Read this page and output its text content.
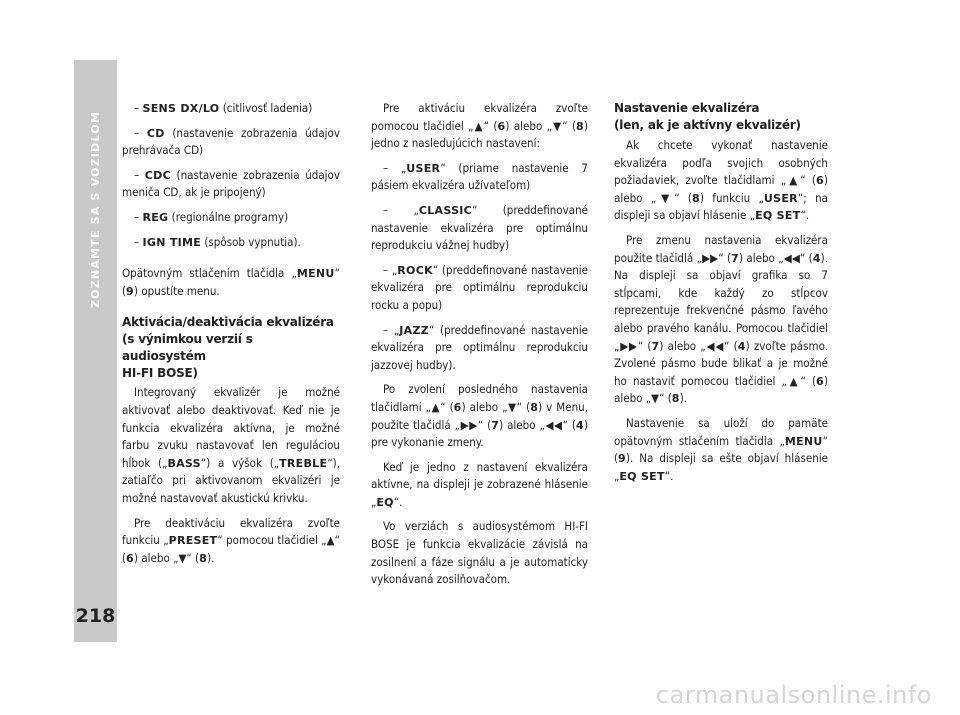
ZOZNÁMTE SA S VOZIDLOM
218

– SENS DX/LO (citlivosť ladenia)

– CD (nastavenie zobrazenia údajov prehrávača CD)

– CDC (nastavenie zobrazenia údajov meniča CD, ak je pripojený)

– REG (regionálne programy)

– IGN TIME (spôsob vypnutia).

Opätovným stlačením tlačidla „MENU“ (9) opustíte menu.

Aktivácia/deaktivácia ekvalizéra
(s výnimkou verzií s audiosystém
HI-FI BOSE)

Integrovaný ekvalizér je možné aktivovať alebo deaktivovať. Keď nie je funkcia ekvalizéra aktívna, je možné farbu zvuku nastavovať len reguláciou hĺbok („BASS“) a výšok („TREBLE“), zatiaľčo pri aktivovanom ekvalizéri je možné nastavovať akustickú krivku.

Pre deaktiváciu ekvalizéra zvoľte funkciu „PRESET“ pomocou tlačidiel „▲“ (6) alebo „▼“ (8).

Pre aktiváciu ekvalizéra zvoľte pomocou tlačidiel „▲“ (6) alebo „▼“ (8) jedno z nasledujúcich nastavení:

– „USER“ (priame nastavenie 7 pásiem ekvalizéra užívateľom)

– „CLASSIC“ (preddefinované nastavenie ekvalizéra pre optimálnu reprodukciu vážnej hudby)

– „ROCK“ (preddefinované nastavenie ekvalizéra pre optimálnu reprodukciu rocku a popu)

– „JAZZ“ (preddefinované nastavenie ekvalizéra pre optimálnu reprodukciu jazzovej hudby).

Po zvolení posledného nastavenia tlačidlami „▲“ (6) alebo „▼“ (8) v Menu, použite tlačidlá „▶▶“ (7) alebo „◀◀“ (4) pre vykonanie zmeny.

Keď je jedno z nastavení ekvalizéra aktívne, na displeji je zobrazené hlásenie „EQ“.

Vo verziách s audiosystémom HI-FI BOSE je funkcia ekvalizácie závislá na zosilnení a fáze signálu a je automaticky vykonávaná zosilňovačom.

Nastavenie ekvalizéra
(len, ak je aktívny ekvalizér)

Ak chcete vykonať nastavenie ekvalizéra podľa svojich osobných požiadaviek, zvoľte tlačidlami „▲“ (6) alebo „▼“ (8) funkciu „USER“; na displeji sa objaví hlásenie „EQ SET“.

Pre zmenu nastavenia ekvalizéra použite tlačidlá „▶▶“ (7) alebo „◀◀“ (4). Na displeji sa objaví grafika so 7 stĺpcami, kde každý zo stĺpcov reprezentuje frekvenčné pásmo ľavého alebo pravého kanálu. Pomocou tlačidiel „▶▶“ (7) alebo „◀◀“ (4) zvoľte pásmo. Zvolené pásmo bude blikať a je možné ho nastaviť pomocou tlačidiel „▲“ (6) alebo „▼“ (8).

Nastavenie sa uloží do pamäte opätovným stlačením tlačidla „MENU“ (9). Na displeji sa ešte objaví hlásenie „EQ SET“.

carmanualsonline.info
